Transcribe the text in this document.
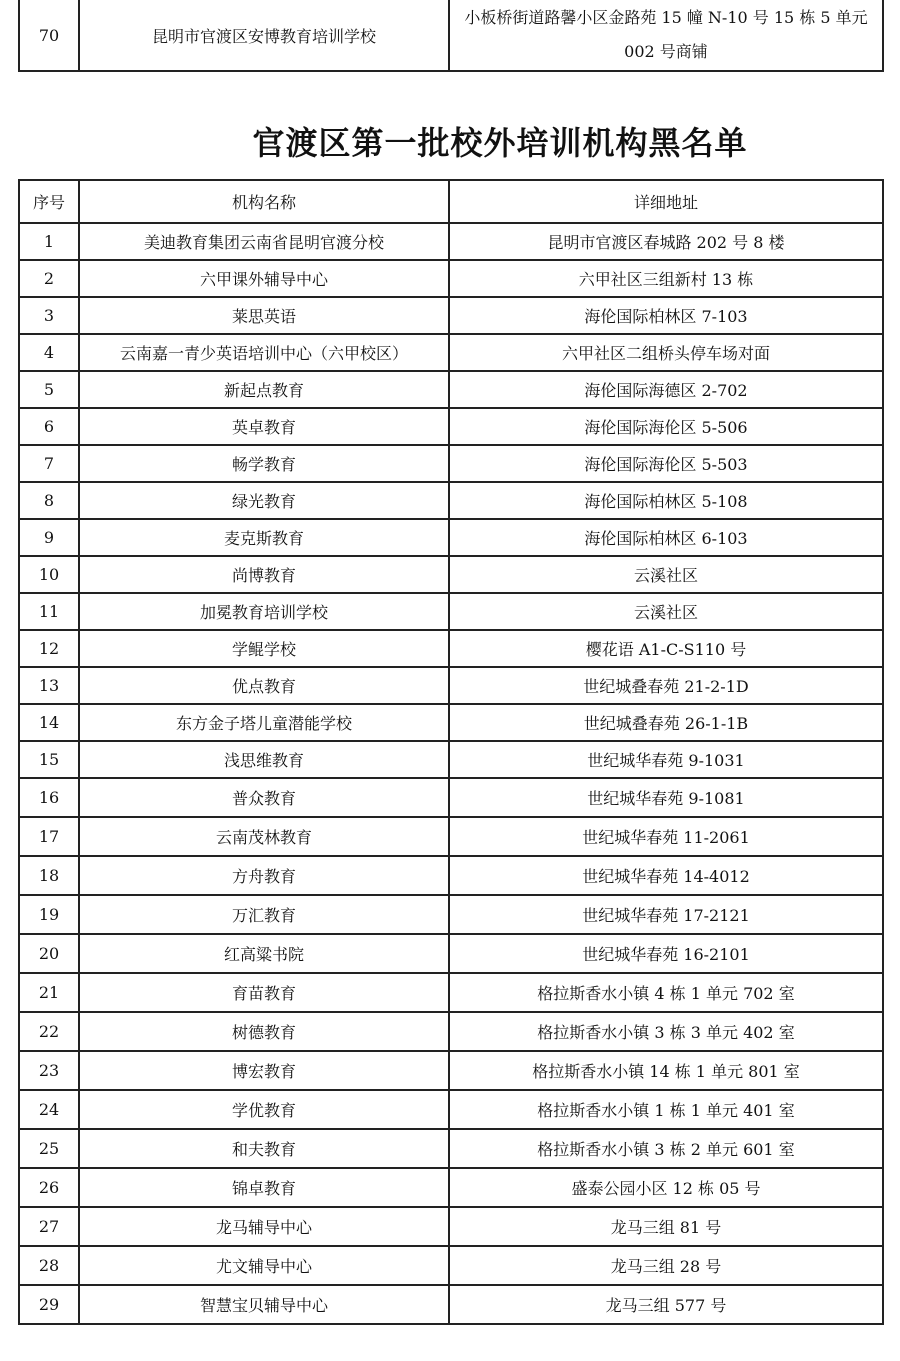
70	昆明市官渡区安博教育培训学校	小板桥街道路馨小区金路苑 15 幢 N-10 号 15 栋 5 单元 002 号商铺
官渡区第一批校外培训机构黑名单
序号	机构名称	详细地址
1	美迪教育集团云南省昆明官渡分校	昆明市官渡区春城路 202 号 8 楼
2	六甲课外辅导中心	六甲社区三组新村 13 栋
3	莱思英语	海伦国际柏林区 7-103
4	云南嘉一青少英语培训中心（六甲校区）	六甲社区二组桥头停车场对面
5	新起点教育	海伦国际海德区 2-702
6	英卓教育	海伦国际海伦区 5-506
7	畅学教育	海伦国际海伦区 5-503
8	绿光教育	海伦国际柏林区 5-108
9	麦克斯教育	海伦国际柏林区 6-103
10	尚博教育	云溪社区
11	加冕教育培训学校	云溪社区
12	学鲲学校	樱花语 A1-C-S110 号
13	优点教育	世纪城叠春苑 21-2-1D
14	东方金子塔儿童潜能学校	世纪城叠春苑 26-1-1B
15	浅思维教育	世纪城华春苑 9-1031
16	普众教育	世纪城华春苑 9-1081
17	云南茂林教育	世纪城华春苑 11-2061
18	方舟教育	世纪城华春苑 14-4012
19	万汇教育	世纪城华春苑 17-2121
20	红高粱书院	世纪城华春苑 16-2101
21	育苗教育	格拉斯香水小镇 4 栋 1 单元 702 室
22	树德教育	格拉斯香水小镇 3 栋 3 单元 402 室
23	博宏教育	格拉斯香水小镇 14 栋 1 单元 801 室
24	学优教育	格拉斯香水小镇 1 栋 1 单元 401 室
25	和夫教育	格拉斯香水小镇 3 栋 2 单元 601 室
26	锦卓教育	盛泰公园小区 12 栋 05 号
27	龙马辅导中心	龙马三组 81 号
28	尤文辅导中心	龙马三组 28 号
29	智慧宝贝辅导中心	龙马三组 577 号
